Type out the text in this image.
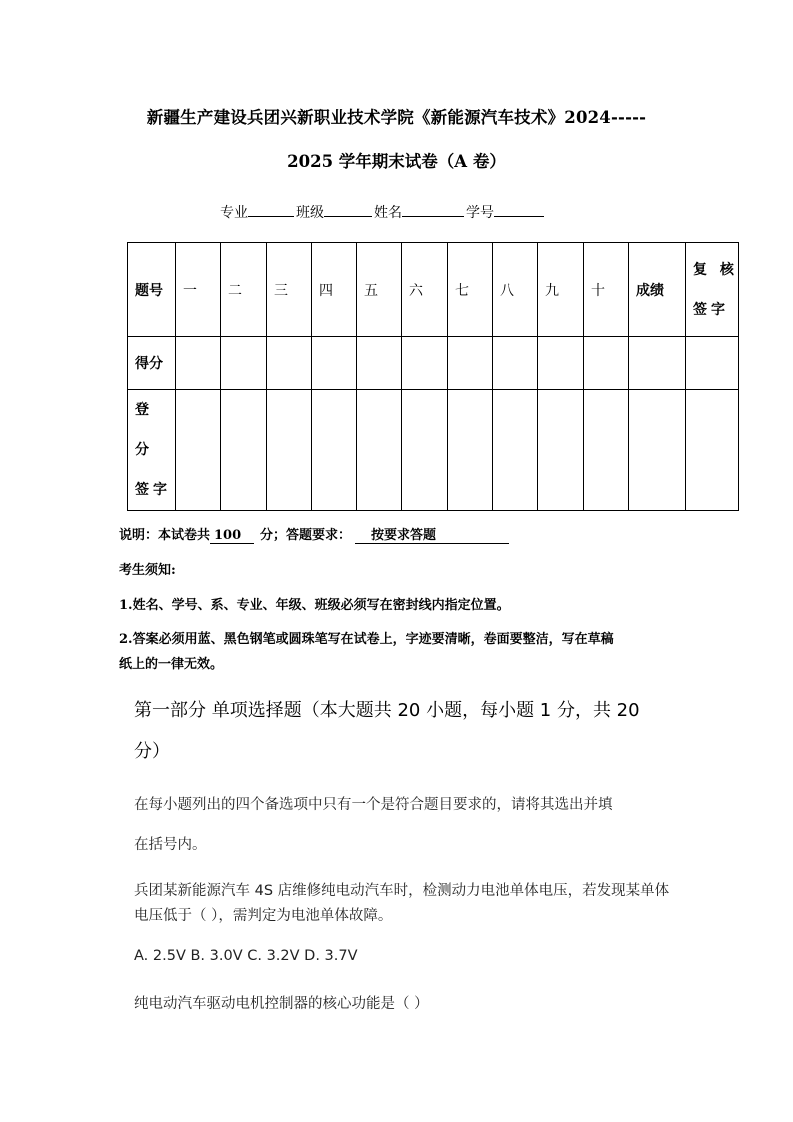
新疆生产建设兵团兴新职业技术学院《新能源汽车技术》2024-----
2025 学年期末试卷（A 卷）
专业	班级	姓名	学号
题号	一	二	三	四	五	六	七	八	九	十	成绩	复 核
签字

得分												

登 分
签字												

说明：本试卷共 100 分；答题要求： 按要求答题
考生须知:
1.姓名、学号、系、专业、年级、班级必须写在密封线内指定位置。
2.答案必须用蓝、黑色钢笔或圆珠笔写在试卷上，字迹要清晰，卷面要整洁，写在草稿
纸上的一律无效。
第一部分 单项选择题（本大题共 20 小题，每小题 1 分，共 20
分）
在每小题列出的四个备选项中只有一个是符合题目要求的，请将其选出并填
在括号内。
兵团某新能源汽车 4S 店维修纯电动汽车时，检测动力电池单体电压，若发现某单体
电压低于（ ），需判定为电池单体故障。
A. 2.5V B. 3.0V C. 3.2V D. 3.7V
纯电动汽车驱动电机控制器的核心功能是（ ）
